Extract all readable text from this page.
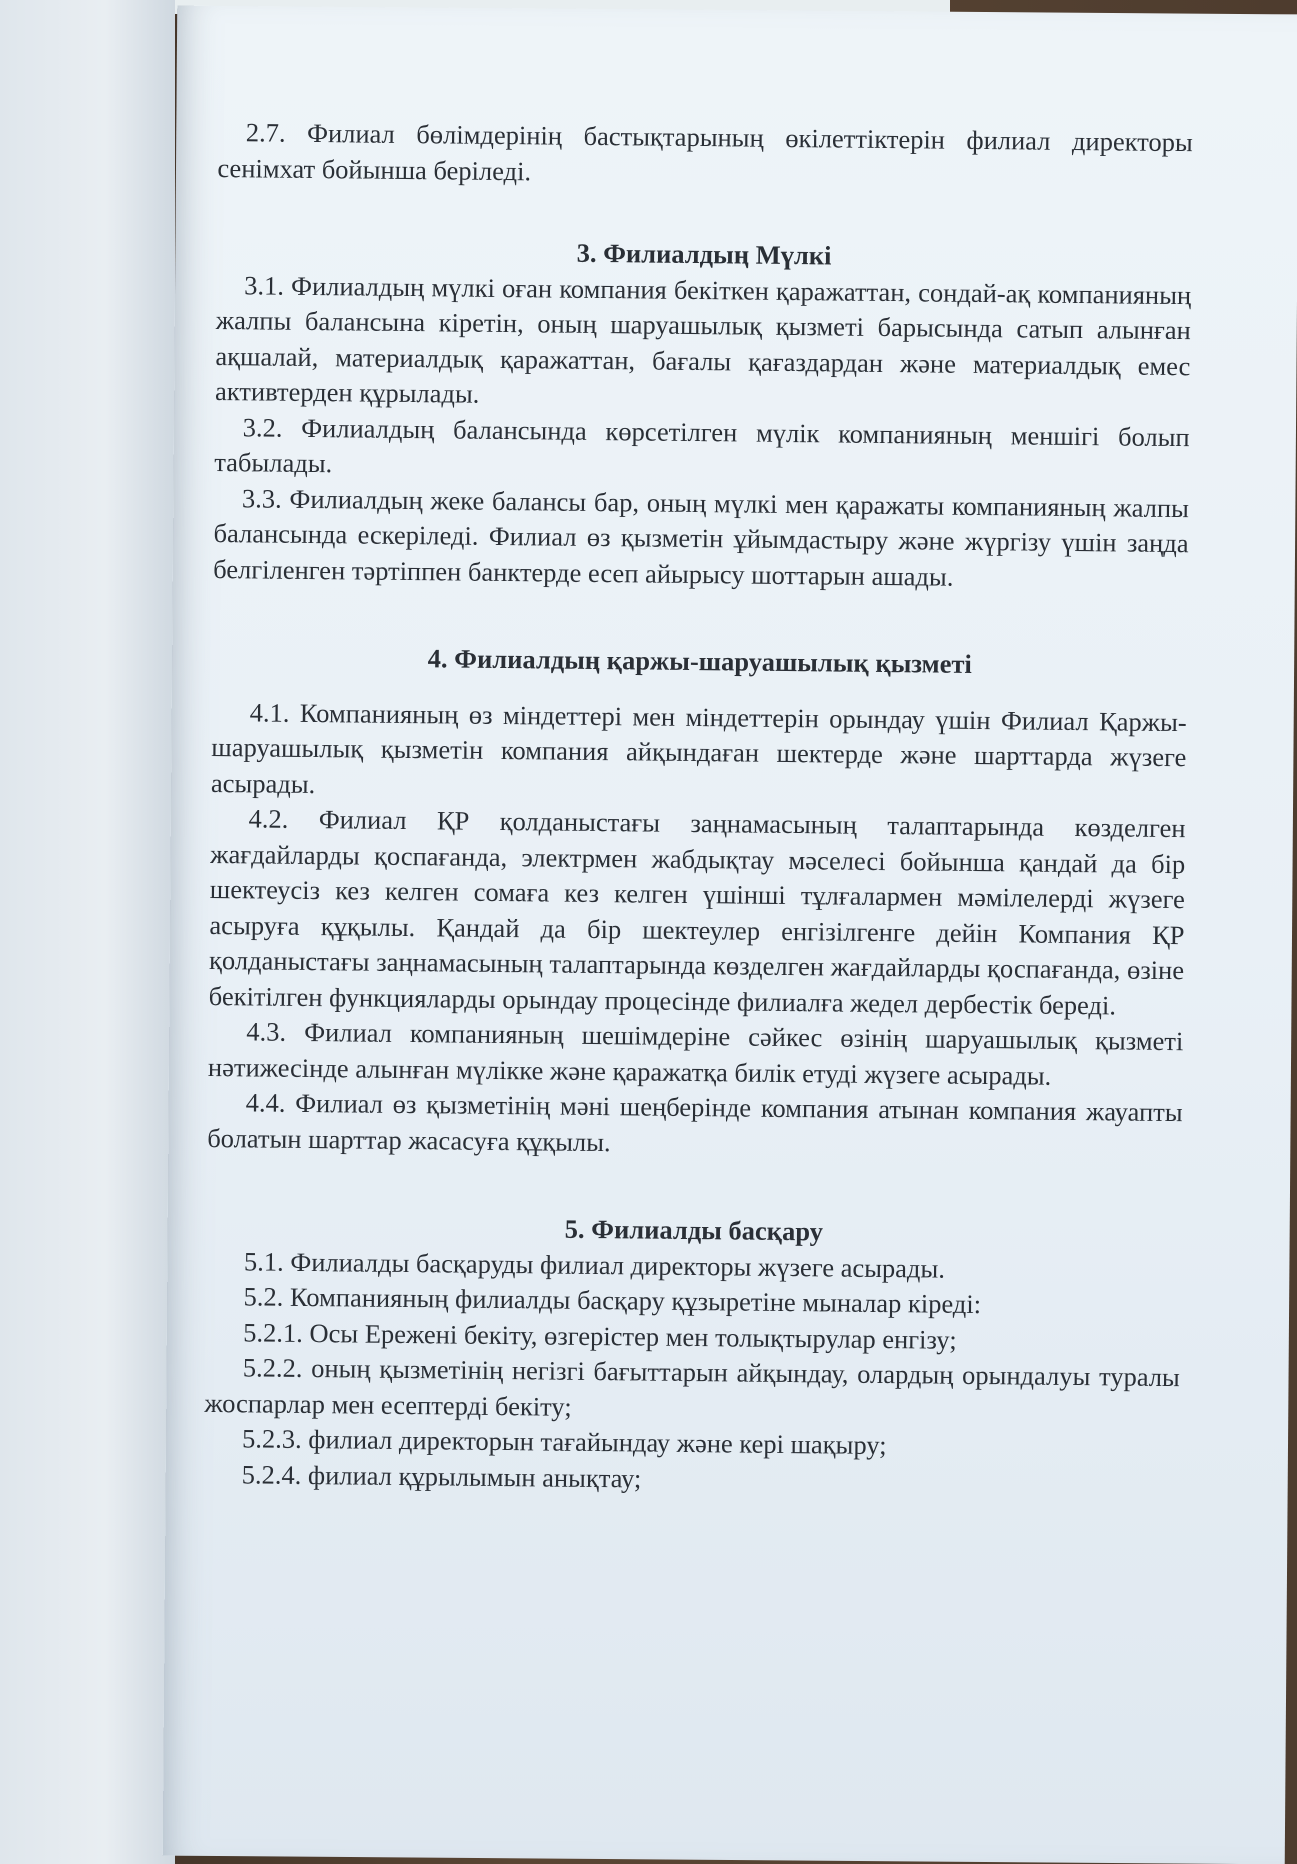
2.7. Филиал бөлімдерінің бастықтарының өкілеттіктерін филиал директоры сенімхат бойынша беріледі.

3. Филиалдың Мүлкі

3.1. Филиалдың мүлкі оған компания бекіткен қаражаттан, сондай-ақ компанияның жалпы балансына кіретін, оның шаруашылық қызметі барысында сатып алынған ақшалай, материалдық қаражаттан, бағалы қағаздардан және материалдық емес активтерден құрылады.

3.2. Филиалдың балансында көрсетілген мүлік компанияның меншігі болып табылады.

3.3. Филиалдың жеке балансы бар, оның мүлкі мен қаражаты компанияның жалпы балансында ескеріледі. Филиал өз қызметін ұйымдастыру және жүргізу үшін заңда белгіленген тәртіппен банктерде есеп айырысу шоттарын ашады.

4. Филиалдың қаржы-шаруашылық қызметі

4.1. Компанияның өз міндеттері мен міндеттерін орындау үшін Филиал Қаржы-шаруашылық қызметін компания айқындаған шектерде және шарттарда жүзеге асырады.

4.2. Филиал ҚР қолданыстағы заңнамасының талаптарында көзделген жағдайларды қоспағанда, электрмен жабдықтау мәселесі бойынша қандай да бір шектеусіз кез келген сомаға кез келген үшінші тұлғалармен мәмілелерді жүзеге асыруға құқылы. Қандай да бір шектеулер енгізілгенге дейін Компания ҚР қолданыстағы заңнамасының талаптарында көзделген жағдайларды қоспағанда, өзіне бекітілген функцияларды орындау процесінде филиалға жедел дербестік береді.

4.3. Филиал компанияның шешімдеріне сәйкес өзінің шаруашылық қызметі нәтижесінде алынған мүлікке және қаражатқа билік етуді жүзеге асырады.

4.4. Филиал өз қызметінің мәні шеңберінде компания атынан компания жауапты болатын шарттар жасасуға құқылы.

5. Филиалды басқару

5.1. Филиалды басқаруды филиал директоры жүзеге асырады.

5.2. Компанияның филиалды басқару құзыретіне мыналар кіреді:

5.2.1. Осы Ережені бекіту, өзгерістер мен толықтырулар енгізу;

5.2.2. оның қызметінің негізгі бағыттарын айқындау, олардың орындалуы туралы жоспарлар мен есептерді бекіту;

5.2.3. филиал директорын тағайындау және кері шақыру;

5.2.4. филиал құрылымын анықтау;
